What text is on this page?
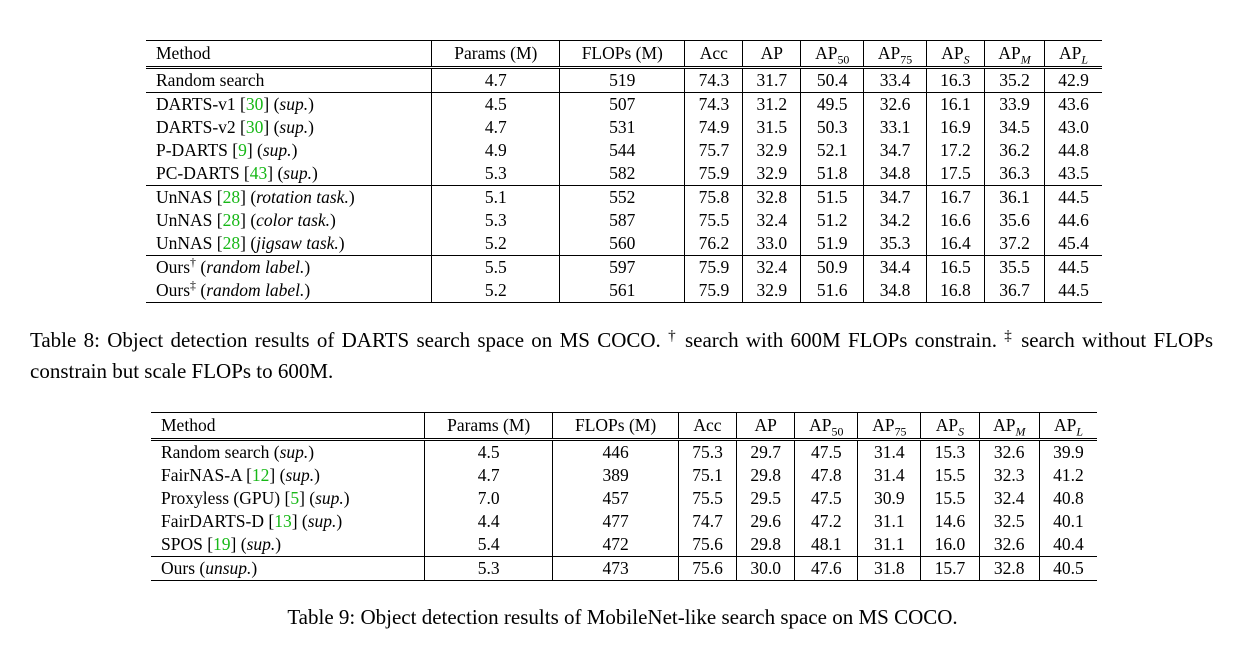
Method	Params (M)	FLOPs (M)	Acc	AP	$AP_{50}$	$AP_{75}$	$AP_S$	$AP_M$	$AP_L$
Random search	4.7	519	74.3	31.7	50.4	33.4	16.3	35.2	42.9
DARTS-v1 [30] (sup.)	4.5	507	74.3	31.2	49.5	32.6	16.1	33.9	43.6
DARTS-v2 [30] (sup.)	4.7	531	74.9	31.5	50.3	33.1	16.9	34.5	43.0
P-DARTS [9] (sup.)	4.9	544	75.7	32.9	52.1	34.7	17.2	36.2	44.8
PC-DARTS [43] (sup.)	5.3	582	75.9	32.9	51.8	34.8	17.5	36.3	43.5
UnNAS [28] (rotation task.)	5.1	552	75.8	32.8	51.5	34.7	16.7	36.1	44.5
UnNAS [28] (color task.)	5.3	587	75.5	32.4	51.2	34.2	16.6	35.6	44.6
UnNAS [28] (jigsaw task.)	5.2	560	76.2	33.0	51.9	35.3	16.4	37.2	45.4
Ours† (random label.)	5.5	597	75.9	32.4	50.9	34.4	16.5	35.5	44.5
Ours‡ (random label.)	5.2	561	75.9	32.9	51.6	34.8	16.8	36.7	44.5
Table 8: Object detection results of DARTS search space on MS COCO. † search with 600M FLOPs constrain. ‡ search without FLOPs constrain but scale FLOPs to 600M.
Method	Params (M)	FLOPs (M)	Acc	AP	$AP_{50}$	$AP_{75}$	$AP_S$	$AP_M$	$AP_L$
Random search (sup.)	4.5	446	75.3	29.7	47.5	31.4	15.3	32.6	39.9
FairNAS-A [12] (sup.)	4.7	389	75.1	29.8	47.8	31.4	15.5	32.3	41.2
Proxyless (GPU) [5] (sup.)	7.0	457	75.5	29.5	47.5	30.9	15.5	32.4	40.8
FairDARTS-D [13] (sup.)	4.4	477	74.7	29.6	47.2	31.1	14.6	32.5	40.1
SPOS [19] (sup.)	5.4	472	75.6	29.8	48.1	31.1	16.0	32.6	40.4
Ours (unsup.)	5.3	473	75.6	30.0	47.6	31.8	15.7	32.8	40.5
Table 9: Object detection results of MobileNet-like search space on MS COCO.
